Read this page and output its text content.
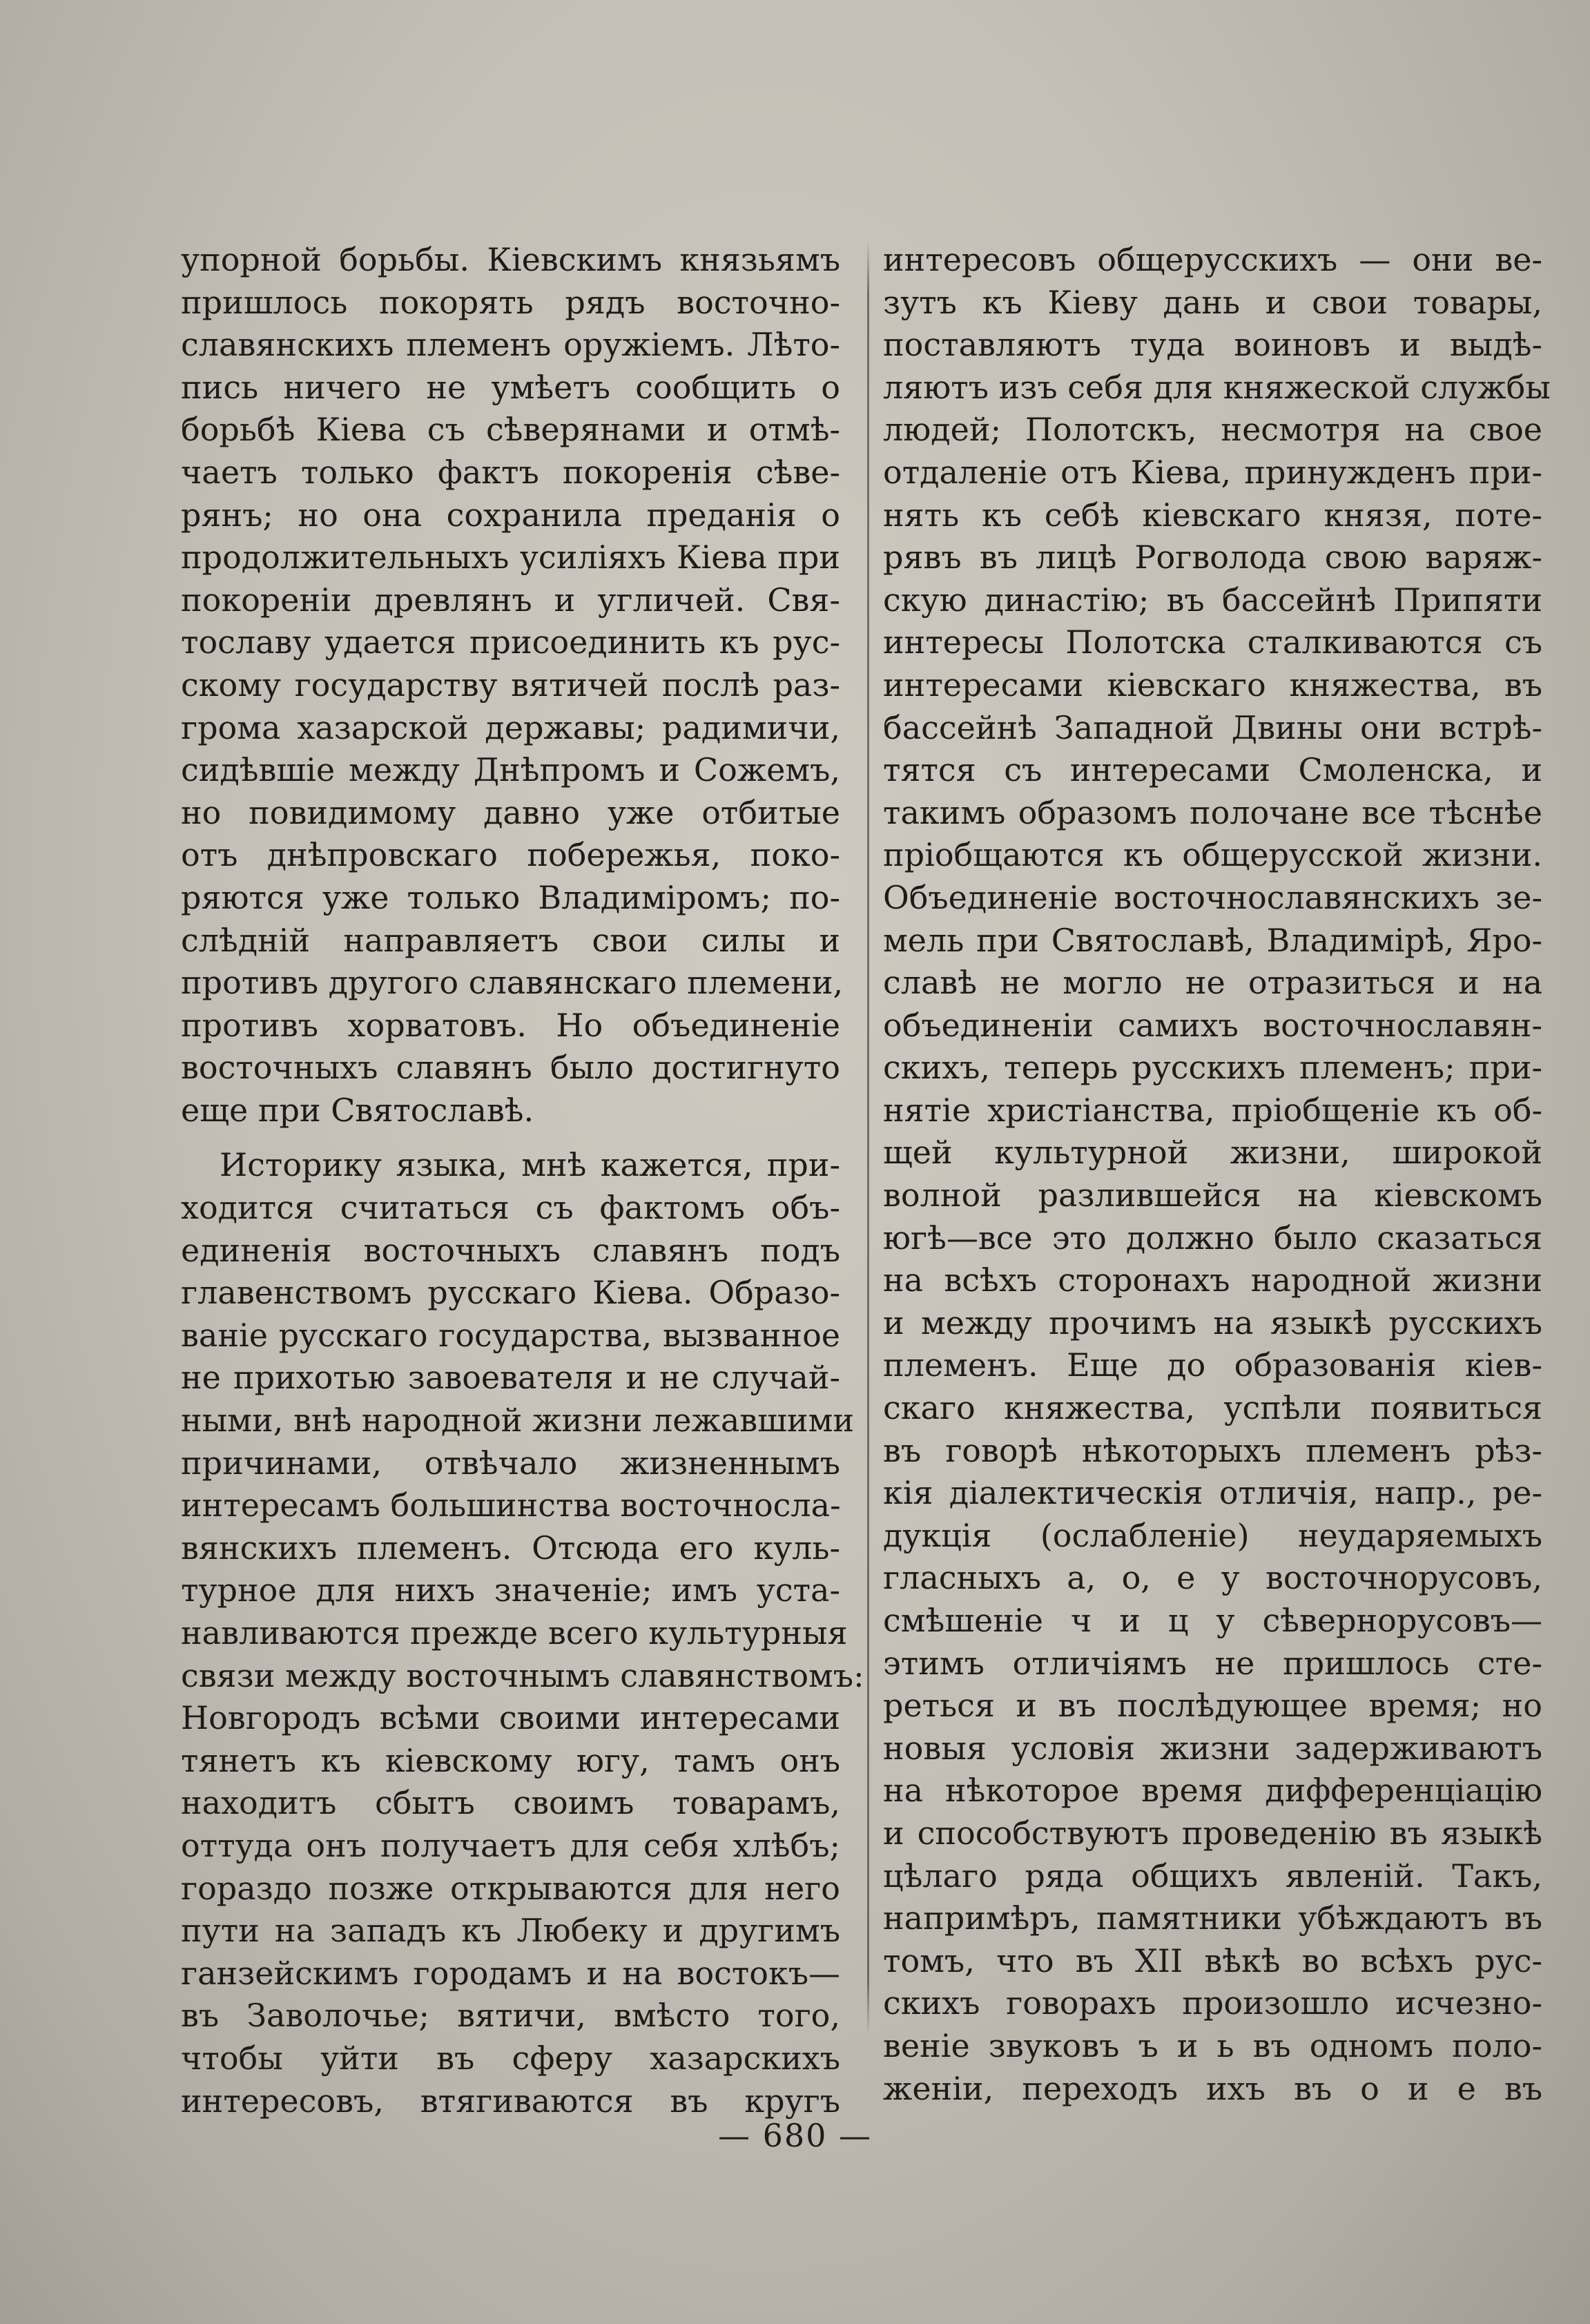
упорной борьбы. Кіевскимъ князьямъ
пришлось покорять рядъ восточно-
славянскихъ племенъ оружіемъ. Лѣто-
пись ничего не умѣетъ сообщить о
борьбѣ Кіева съ сѣверянами и отмѣ-
чаетъ только фактъ покоренія сѣве-
рянъ; но она сохранила преданія о
продолжительныхъ усиліяхъ Кіева при
покореніи древлянъ и угличей. Свя-
тославу удается присоединить къ рус-
скому государству вятичей послѣ раз-
грома хазарской державы; радимичи,
сидѣвшіе между Днѣпромъ и Сожемъ,
но повидимому давно уже отбитые
отъ днѣпровскаго побережья, поко-
ряются уже только Владиміромъ; по-
слѣдній направляетъ свои силы и
противъ другого славянскаго племени,
противъ хорватовъ. Но объединеніе
восточныхъ славянъ было достигнуто
еще при Святославѣ.
Историку языка, мнѣ кажется, при-
ходится считаться съ фактомъ объ-
единенія восточныхъ славянъ подъ
главенствомъ русскаго Кіева. Образо-
ваніе русскаго государства, вызванное
не прихотью завоевателя и не случай-
ными, внѣ народной жизни лежавшими
причинами, отвѣчало жизненнымъ
интересамъ большинства восточносла-
вянскихъ племенъ. Отсюда его куль-
турное для нихъ значеніе; имъ уста-
навливаются прежде всего культурныя
связи между восточнымъ славянствомъ:
Новгородъ всѣми своими интересами
тянетъ къ кіевскому югу, тамъ онъ
находитъ сбытъ своимъ товарамъ,
оттуда онъ получаетъ для себя хлѣбъ;
гораздо позже открываются для него
пути на западъ къ Любеку и другимъ
ганзейскимъ городамъ и на востокъ—
въ Заволочье; вятичи, вмѣсто того,
чтобы уйти въ сферу хазарскихъ
интересовъ, втягиваются въ кругъ
интересовъ общерусскихъ — они ве-
зутъ къ Кіеву дань и свои товары,
поставляютъ туда воиновъ и выдѣ-
ляютъ изъ себя для княжеской службы
людей; Полотскъ, несмотря на свое
отдаленіе отъ Кіева, принужденъ при-
нять къ себѣ кіевскаго князя, поте-
рявъ въ лицѣ Рогволода свою варяж-
скую династію; въ бассейнѣ Припяти
интересы Полотска сталкиваются съ
интересами кіевскаго княжества, въ
бассейнѣ Западной Двины они встрѣ-
тятся съ интересами Смоленска, и
такимъ образомъ полочане все тѣснѣе
пріобщаются къ общерусской жизни.
Объединеніе восточнославянскихъ зе-
мель при Святославѣ, Владимірѣ, Яро-
славѣ не могло не отразиться и на
объединеніи самихъ восточнославян-
скихъ, теперь русскихъ племенъ; при-
нятіе христіанства, пріобщеніе къ об-
щей культурной жизни, широкой
волной разлившейся на кіевскомъ
югѣ—все это должно было сказаться
на всѣхъ сторонахъ народной жизни
и между прочимъ на языкѣ русскихъ
племенъ. Еще до образованія кіев-
скаго княжества, успѣли появиться
въ говорѣ нѣкоторыхъ племенъ рѣз-
кія діалектическія отличія, напр., ре-
дукція (ослабленіе) неударяемыхъ
гласныхъ а, о, е у восточнорусовъ,
смѣшеніе ч и ц у сѣвернорусовъ—
этимъ отличіямъ не пришлось сте-
реться и въ послѣдующее время; но
новыя условія жизни задерживаютъ
на нѣкоторое время дифференціацію
и способствуютъ проведенію въ языкѣ
цѣлаго ряда общихъ явленій. Такъ,
напримѣръ, памятники убѣждаютъ въ
томъ, что въ XII вѣкѣ во всѣхъ рус-
скихъ говорахъ произошло исчезно-
веніе звуковъ ъ и ь въ одномъ поло-
женіи, переходъ ихъ въ о и е въ
— 680 —
